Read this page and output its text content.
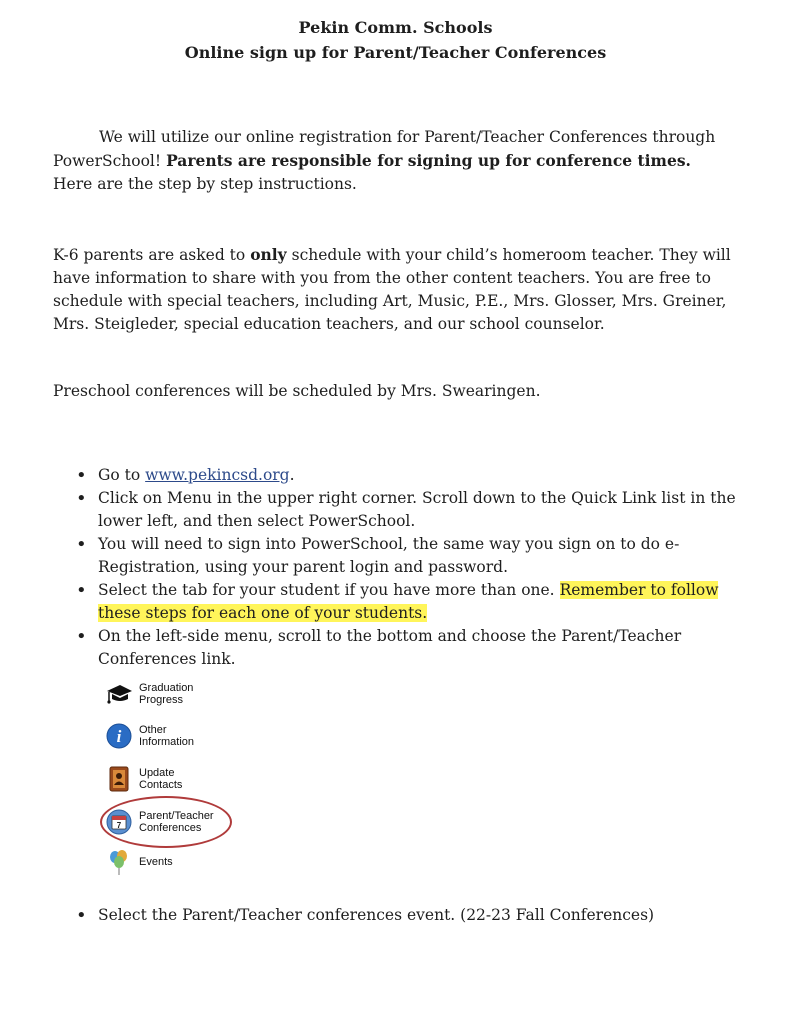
Pekin Comm. Schools
Online sign up for Parent/Teacher Conferences
We will utilize our online registration for Parent/Teacher Conferences through PowerSchool! Parents are responsible for signing up for conference times.
Here are the step by step instructions.
K-6 parents are asked to only schedule with your child’s homeroom teacher. They will have information to share with you from the other content teachers. You are free to schedule with special teachers, including Art, Music, P.E., Mrs. Glosser, Mrs. Greiner, Mrs. Steigleder, special education teachers, and our school counselor.
Preschool conferences will be scheduled by Mrs. Swearingen.
• Go to www.pekincsd.org.
• Click on Menu in the upper right corner. Scroll down to the Quick Link list in the lower left, and then select PowerSchool.
• You will need to sign into PowerSchool, the same way you sign on to do e-Registration, using your parent login and password.
• Select the tab for your student if you have more than one. Remember to follow these steps for each one of your students.
• On the left-side menu, scroll to the bottom and choose the Parent/Teacher Conferences link.
Graduation
Progress
i Other
Information
Update
Contacts
7
Parent/Teacher
Conferences
Events
• Select the Parent/Teacher conferences event. (22-23 Fall Conferences)
